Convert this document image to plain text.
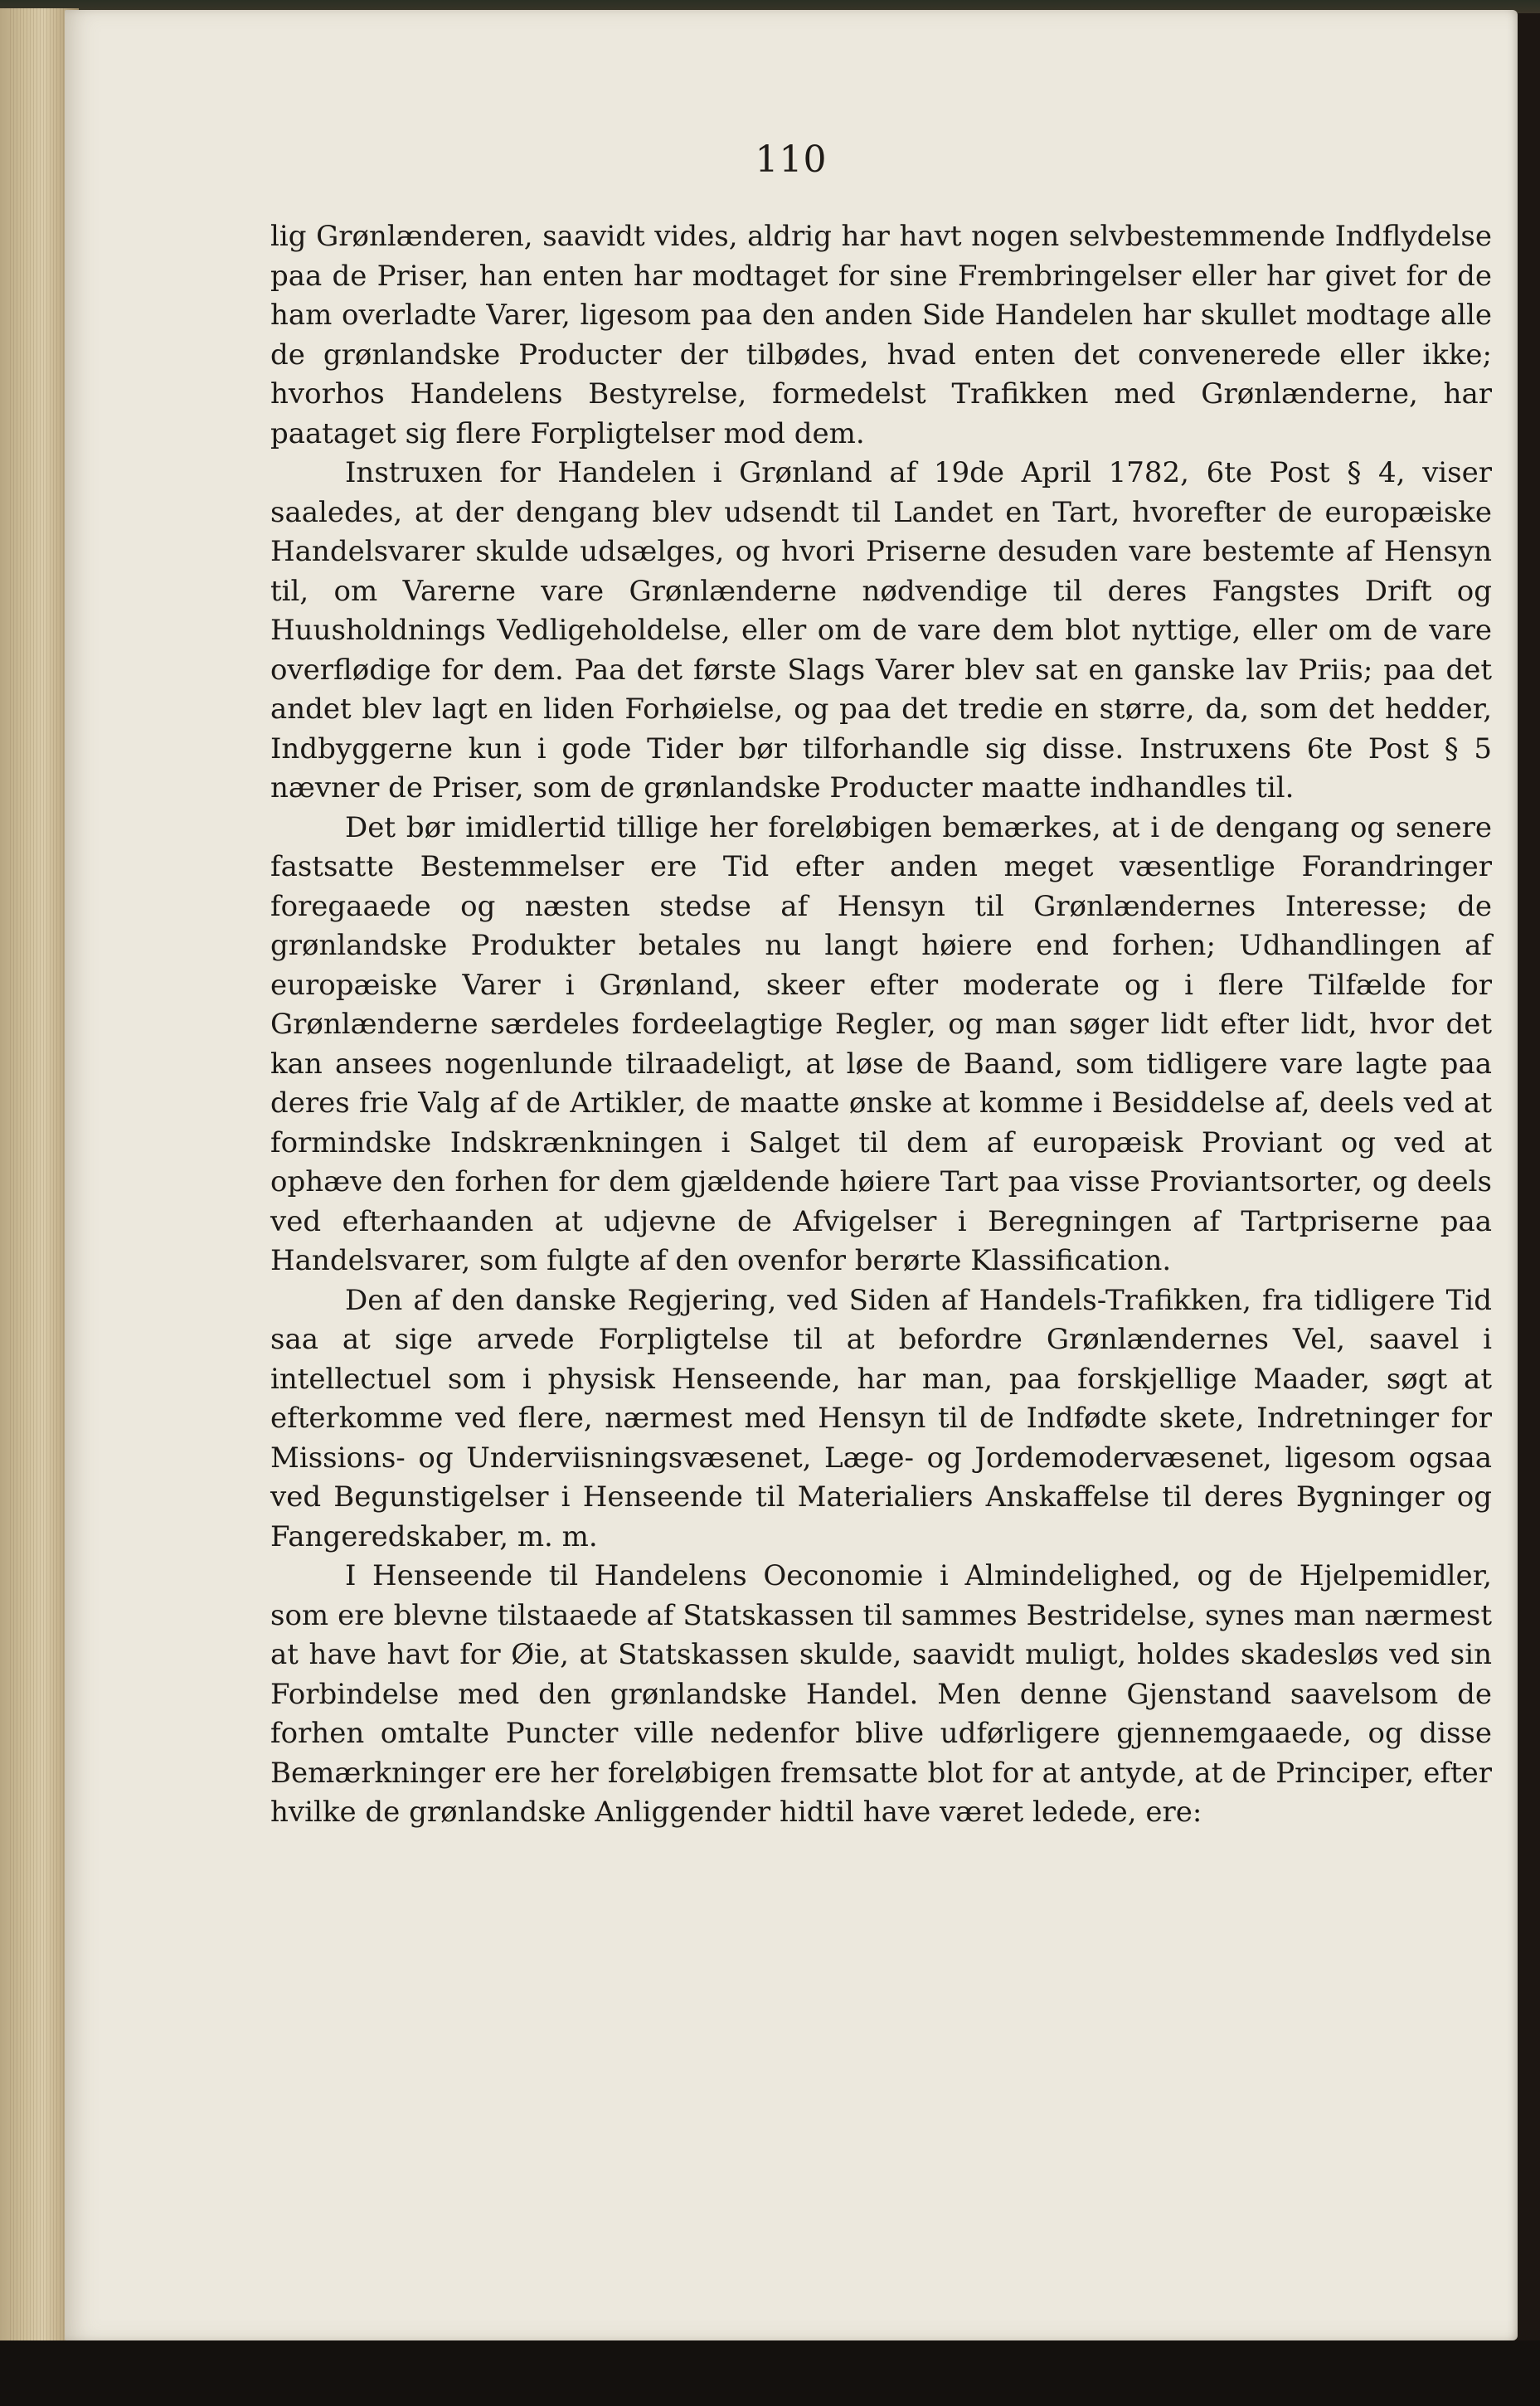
110

lig Grønlænderen, saavidt vides, aldrig har havt nogen selvbestemmende Indflydelse paa de Priser, han enten har modtaget for sine Frembringelser eller har givet for de ham overladte Varer, ligesom paa den anden Side Handelen har skullet modtage alle de grønlandske Producter der tilbødes, hvad enten det convenerede eller ikke; hvorhos Handelens Bestyrelse, formedelst Trafikken med Grønlænderne, har paataget sig flere Forpligtelser mod dem.

Instruxen for Handelen i Grønland af 19de April 1782, 6te Post § 4, viser saaledes, at der dengang blev udsendt til Landet en Tart, hvorefter de europæiske Handelsvarer skulde udsælges, og hvori Priserne desuden vare bestemte af Hensyn til, om Varerne vare Grønlænderne nødvendige til deres Fangstes Drift og Huusholdnings Vedligeholdelse, eller om de vare dem blot nyttige, eller om de vare overflødige for dem. Paa det første Slags Varer blev sat en ganske lav Priis; paa det andet blev lagt en liden Forhøielse, og paa det tredie en større, da, som det hedder, Indbyggerne kun i gode Tider bør tilforhandle sig disse. Instruxens 6te Post § 5 nævner de Priser, som de grønlandske Producter maatte indhandles til.

Det bør imidlertid tillige her foreløbigen bemærkes, at i de dengang og senere fastsatte Bestemmelser ere Tid efter anden meget væsentlige Forandringer foregaaede og næsten stedse af Hensyn til Grønlændernes Interesse; de grønlandske Produkter betales nu langt høiere end forhen; Udhandlingen af europæiske Varer i Grønland, skeer efter moderate og i flere Tilfælde for Grønlænderne særdeles fordeelagtige Regler, og man søger lidt efter lidt, hvor det kan ansees nogenlunde tilraadeligt, at løse de Baand, som tidligere vare lagte paa deres frie Valg af de Artikler, de maatte ønske at komme i Besiddelse af, deels ved at formindske Indskrænkningen i Salget til dem af europæisk Proviant og ved at ophæve den forhen for dem gjældende høiere Tart paa visse Proviantsorter, og deels ved efterhaanden at udjevne de Afvigelser i Beregningen af Tartpriserne paa Handelsvarer, som fulgte af den ovenfor berørte Klassification.

Den af den danske Regjering, ved Siden af Handels-Trafikken, fra tidligere Tid saa at sige arvede Forpligtelse til at befordre Grønlændernes Vel, saavel i intellectuel som i physisk Henseende, har man, paa forskjellige Maader, søgt at efterkomme ved flere, nærmest med Hensyn til de Indfødte skete, Indretninger for Missions- og Underviisningsvæsenet, Læge- og Jordemodervæsenet, ligesom ogsaa ved Begunstigelser i Henseende til Materialiers Anskaffelse til deres Bygninger og Fangeredskaber, m. m.

I Henseende til Handelens Oeconomie i Almindelighed, og de Hjelpemidler, som ere blevne tilstaaede af Statskassen til sammes Bestridelse, synes man nærmest at have havt for Øie, at Statskassen skulde, saavidt muligt, holdes skadesløs ved sin Forbindelse med den grønlandske Handel. Men denne Gjenstand saavelsom de forhen omtalte Puncter ville nedenfor blive udførligere gjennemgaaede, og disse Bemærkninger ere her foreløbigen fremsatte blot for at antyde, at de Principer, efter hvilke de grønlandske Anliggender hidtil have været ledede, ere:
